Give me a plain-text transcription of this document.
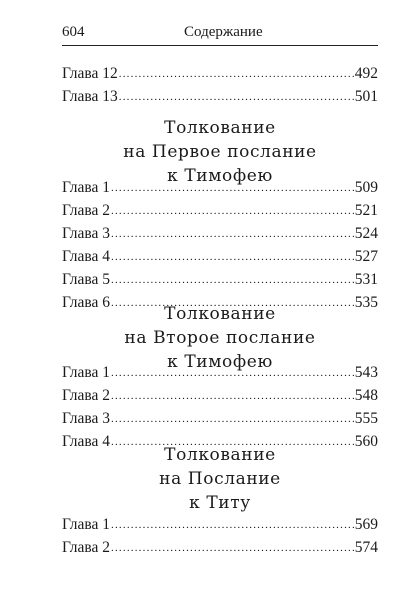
604	Содержание
Глава 12 .....	492
Глава 13 .....	501
Толкование
на Первое послание
к Тимофею
Глава 1 .....	509
Глава 2 .....	521
Глава 3 .....	524
Глава 4 .....	527
Глава 5 .....	531
Глава 6 .....	535
Толкование
на Второе послание
к Тимофею
Глава 1 .....	543
Глава 2 .....	548
Глава 3 .....	555
Глава 4 .....	560
Толкование
на Послание
к Титу
Глава 1 .....	569
Глава 2 .....	574
